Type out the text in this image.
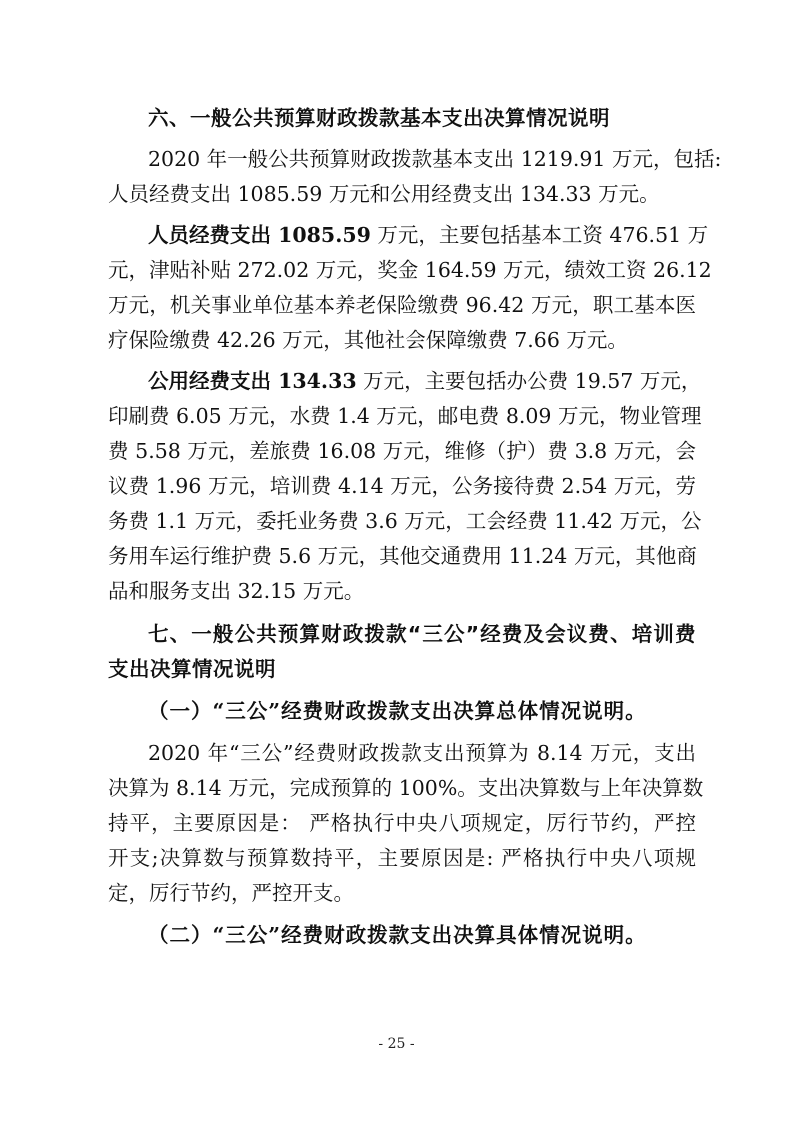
六、一般公共预算财政拨款基本支出决算情况说明
2020 年一般公共预算财政拨款基本支出 1219.91 万元，包括:
人员经费支出 1085.59 万元和公用经费支出 134.33 万元。
人员经费支出 1085.59 万元，主要包括基本工资 476.51 万
元，津贴补贴 272.02 万元，奖金 164.59 万元，绩效工资 26.12
万元，机关事业单位基本养老保险缴费 96.42 万元，职工基本医
疗保险缴费 42.26 万元，其他社会保障缴费 7.66 万元。
公用经费支出 134.33 万元，主要包括办公费 19.57 万元，
印刷费 6.05 万元，水费 1.4 万元，邮电费 8.09 万元，物业管理
费 5.58 万元，差旅费 16.08 万元，维修（护）费 3.8 万元，会
议费 1.96 万元，培训费 4.14 万元，公务接待费 2.54 万元，劳
务费 1.1 万元，委托业务费 3.6 万元，工会经费 11.42 万元，公
务用车运行维护费 5.6 万元，其他交通费用 11.24 万元，其他商
品和服务支出 32.15 万元。
七、一般公共预算财政拨款“三公”经费及会议费、培训费
支出决算情况说明
（一）“三公”经费财政拨款支出决算总体情况说明。
2020 年“三公”经费财政拨款支出预算为 8.14 万元，支出
决算为 8.14 万元，完成预算的 100%。支出决算数与上年决算数
持平，主要原因是： 严格执行中央八项规定，厉行节约，严控
开支;决算数与预算数持平，主要原因是: 严格执行中央八项规
定，厉行节约，严控开支。
（二）“三公”经费财政拨款支出决算具体情况说明。
- 25 -
